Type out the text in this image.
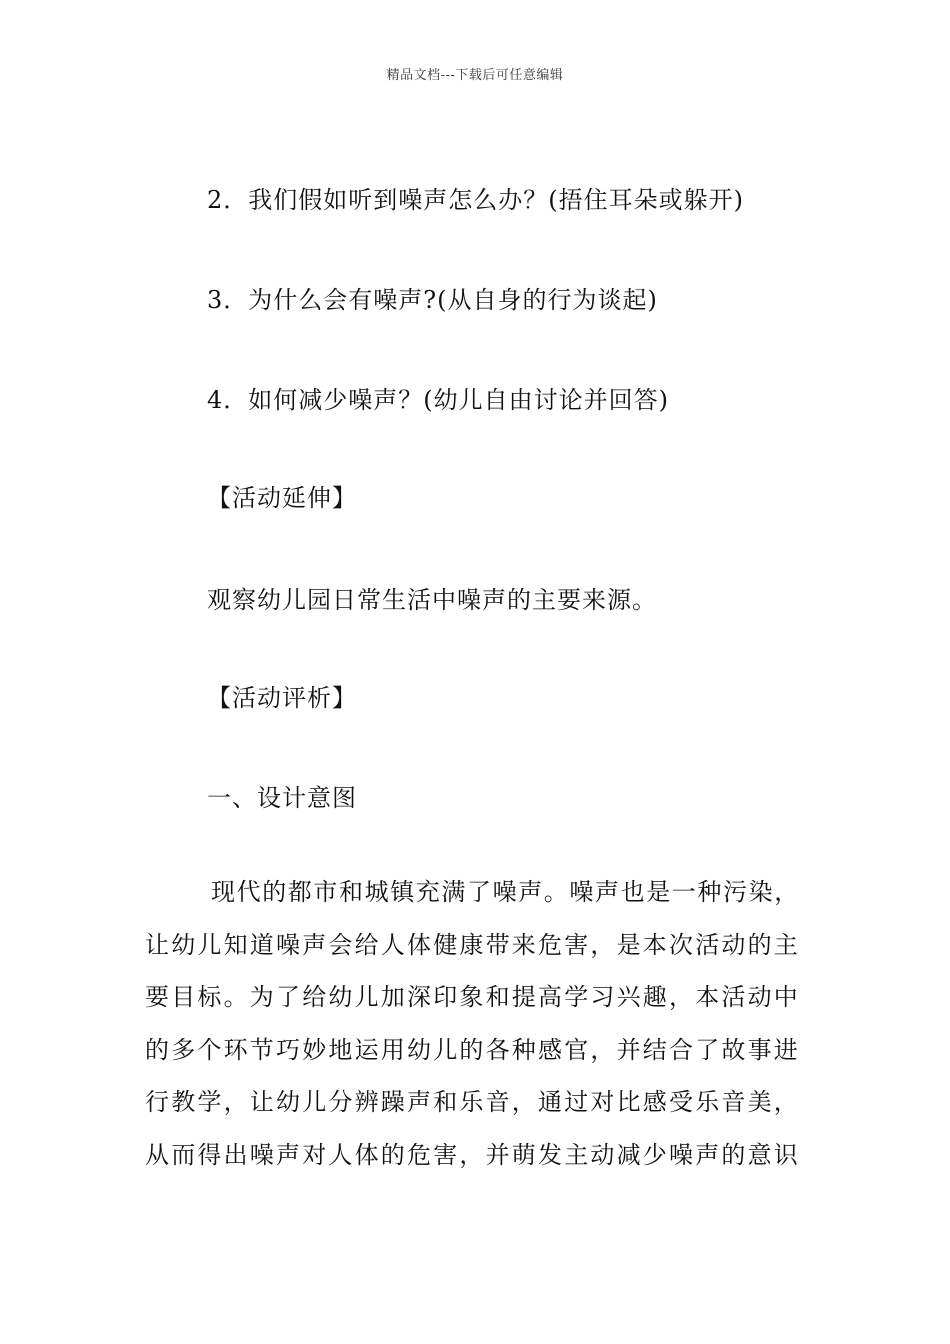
精品文档---下载后可任意编辑
2．我们假如听到噪声怎么办？(捂住耳朵或躲开)
3．为什么会有噪声?(从自身的行为谈起)
4．如何减少噪声？(幼儿自由讨论并回答)
【活动延伸】
观察幼儿园日常生活中噪声的主要来源。
【活动评析】
一、设计意图
现代的都市和城镇充满了噪声。噪声也是一种污染，
让幼儿知道噪声会给人体健康带来危害，是本次活动的主
要目标。为了给幼儿加深印象和提高学习兴趣，本活动中
的多个环节巧妙地运用幼儿的各种感官，并结合了故事进
行教学，让幼儿分辨躁声和乐音，通过对比感受乐音美，
从而得出噪声对人体的危害，并萌发主动减少噪声的意识
